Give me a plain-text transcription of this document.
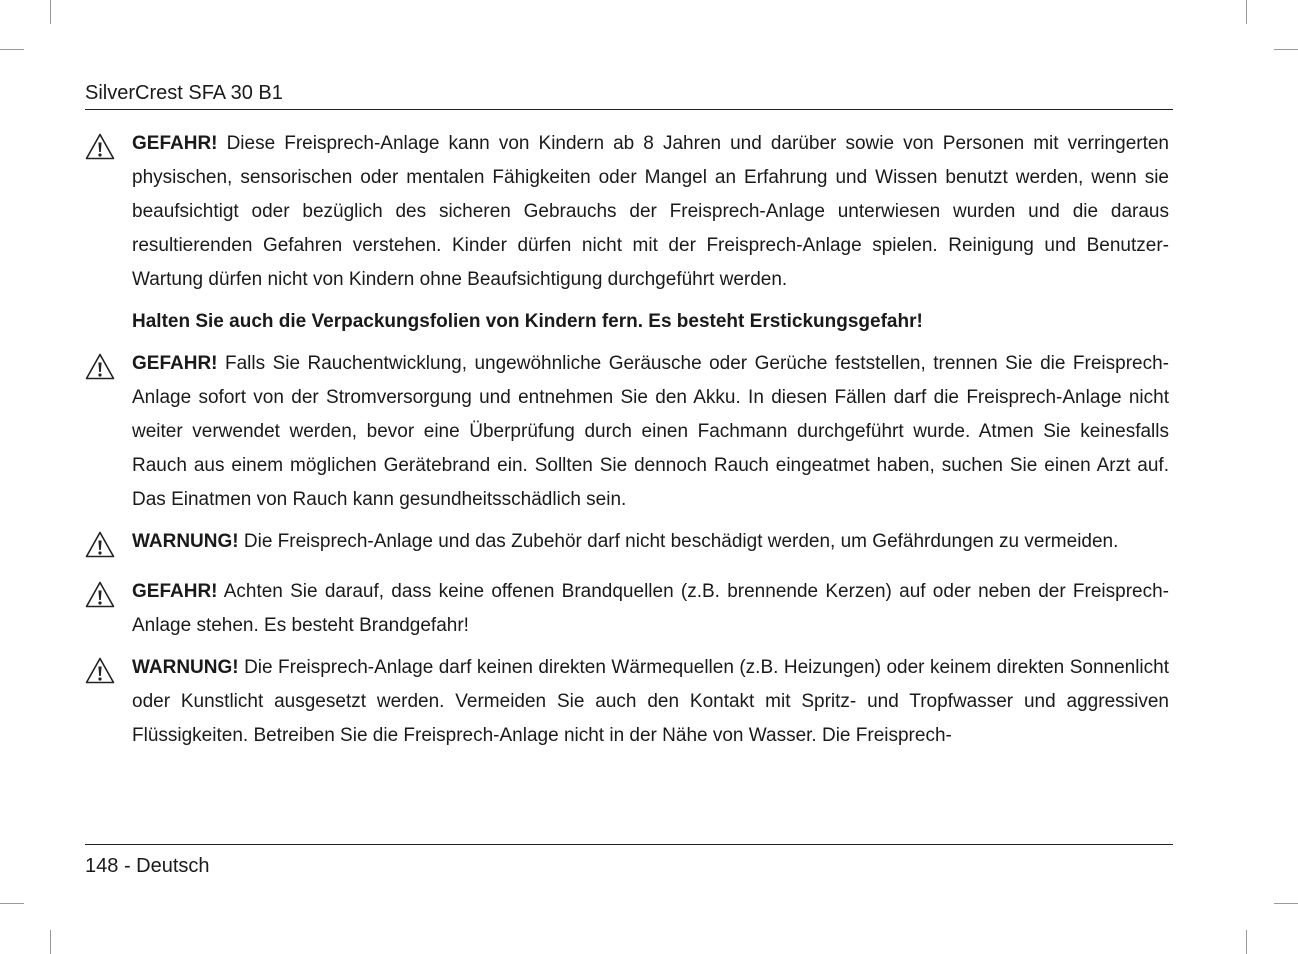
SilverCrest SFA 30 B1
GEFAHR! Diese Freisprech-Anlage kann von Kindern ab 8 Jahren und darüber sowie von Personen mit verringerten physischen, sensorischen oder mentalen Fähigkeiten oder Mangel an Erfahrung und Wissen benutzt werden, wenn sie beaufsichtigt oder bezüglich des sicheren Gebrauchs der Freisprech-Anlage unterwiesen wurden und die daraus resultierenden Gefahren verstehen. Kinder dürfen nicht mit der Freisprech-Anlage spielen. Reinigung und Benutzer-Wartung dürfen nicht von Kindern ohne Beaufsichtigung durchgeführt werden.
Halten Sie auch die Verpackungsfolien von Kindern fern. Es besteht Erstickungsgefahr!
GEFAHR! Falls Sie Rauchentwicklung, ungewöhnliche Geräusche oder Gerüche feststellen, trennen Sie die Freisprech-Anlage sofort von der Stromversorgung und entnehmen Sie den Akku. In diesen Fällen darf die Freisprech-Anlage nicht weiter verwendet werden, bevor eine Überprüfung durch einen Fachmann durchgeführt wurde. Atmen Sie keinesfalls Rauch aus einem möglichen Gerätebrand ein. Sollten Sie dennoch Rauch eingeatmet haben, suchen Sie einen Arzt auf. Das Einatmen von Rauch kann gesundheitsschädlich sein.
WARNUNG! Die Freisprech-Anlage und das Zubehör darf nicht beschädigt werden, um Gefährdungen zu vermeiden.
GEFAHR! Achten Sie darauf, dass keine offenen Brandquellen (z.B. brennende Kerzen) auf oder neben der Freisprech-Anlage stehen. Es besteht Brandgefahr!
WARNUNG! Die Freisprech-Anlage darf keinen direkten Wärmequellen (z.B. Heizungen) oder keinem direkten Sonnenlicht oder Kunstlicht ausgesetzt werden. Vermeiden Sie auch den Kontakt mit Spritz- und Tropfwasser und aggressiven Flüssigkeiten. Betreiben Sie die Freisprech-Anlage nicht in der Nähe von Wasser. Die Freisprech-
148 - Deutsch
